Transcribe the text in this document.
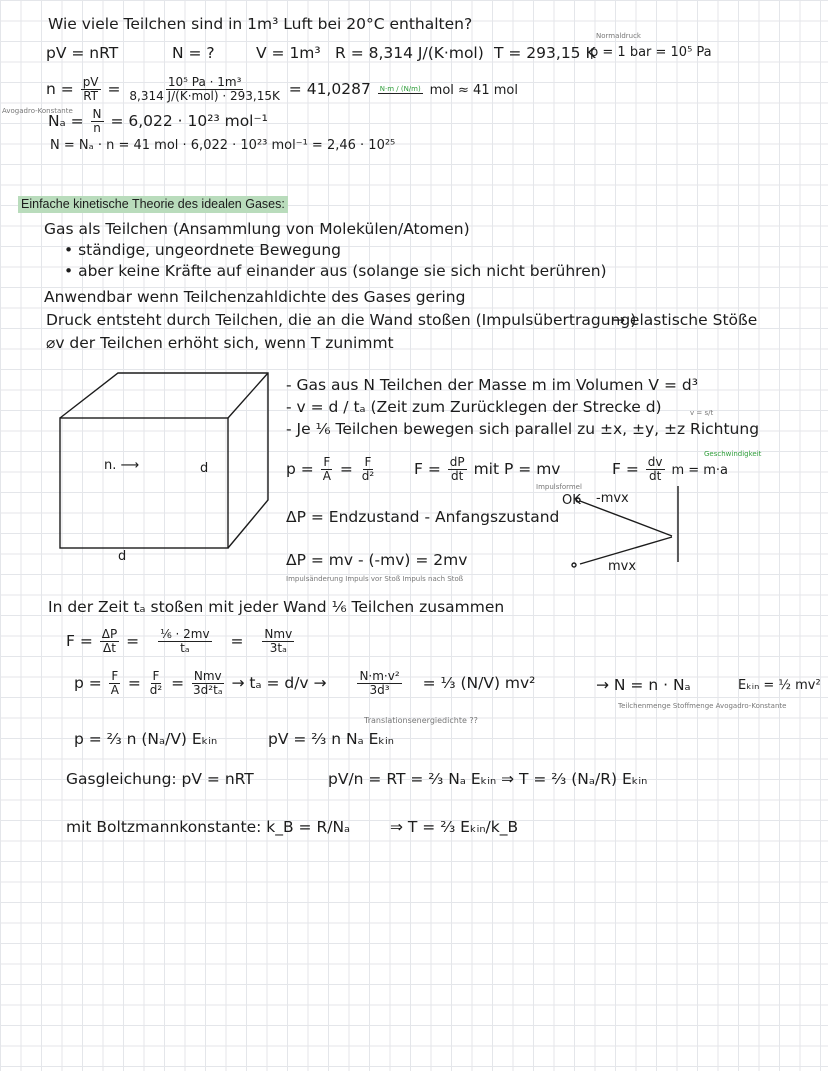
Wie viele Teilchen sind in 1m³ Luft bei 20°C enthalten?
pV = nRT	N = ?	V = 1m³ R = 8,314 J/(K·mol) T = 293,15 K
Normaldruck
p = 1 bar = 10⁵ Pa
$n = \frac{pV}{RT} = \frac{\text{10⁵ Pa · 1m³}}{\text{8,314 J/(K·mol) · 293,15K}} = 41,0287$ N·m / (N/m) mol ≈ 41 mol
Avogadro-Konstante
$N_a = \frac{N}{n} = 6,022 \cdot 10^{23}$ mol⁻¹
N = Nₐ · n = 41 mol · 6,022 · 10²³ mol⁻¹ = 2,46 · 10²⁵
Einfache kinetische Theorie des idealen Gases:
Gas als Teilchen (Ansammlung von Molekülen/Atomen)
• ständige, ungeordnete Bewegung
• aber keine Kräfte auf einander aus (solange sie sich nicht berühren)
Anwendbar wenn Teilchenzahldichte des Gases gering
Druck entsteht durch Teilchen, die an die Wand stoßen (Impulsübertragung)
→ elastische Stöße
⌀v der Teilchen erhöht sich, wenn T zunimmt
n. ⟶	d
d
- Gas aus N Teilchen der Masse m im Volumen V = d³
- v = d / tₐ (Zeit zum Zurücklegen der Strecke d)	v = s/t
- Je ⅙ Teilchen bewegen sich parallel zu ±x, ±y, ±z Richtung
Geschwindigkeit
$p = \frac{F}{A} = \frac{F}{\text{d²}}$ $F = \frac{dP}{dt}$ mit P = mv
Impulsformel
$F = \frac{dv}{dt}$ m = m·a
OK -mvx
mvx
ΔP = Endzustand - Anfangszustand
ΔP = mv - (-mv) = 2mv
Impulsänderung Impuls vor Stoß Impuls nach Stoß
In der Zeit tₐ stoßen mit jeder Wand ⅙ Teilchen zusammen
$F = \frac{\Delta P}{\Delta t} = \frac{\text{⅙ · 2mv}}{\text{tₐ}} = \frac{\text{Nmv}}{\text{3tₐ}}$
$p = \frac{F}{A} = \frac{F}{\text{d²}} = \frac{\text{Nmv}}{\text{3d²tₐ}} \to t_a = d/v$ →	$\frac{\text{N·m·v²}}{\text{3d³}}$ = ⅓ (N/V) mv²	→ N = n · Nₐ	Eₖᵢₙ = ½ mv²
Teilchenmenge Stoffmenge Avogadro-Konstante
Translationsenergiedichte ??
p = ⅔ n (Nₐ/V) Eₖᵢₙ	pV = ⅔ n Nₐ Eₖᵢₙ
Gasgleichung: pV = nRT	pV/n = RT = ⅔ Nₐ Eₖᵢₙ ⇒ T = ⅔ (Nₐ/R) Eₖᵢₙ
mit Boltzmannkonstante: k_B = R/Nₐ	⇒ T = ⅔ Eₖᵢₙ/k_B
